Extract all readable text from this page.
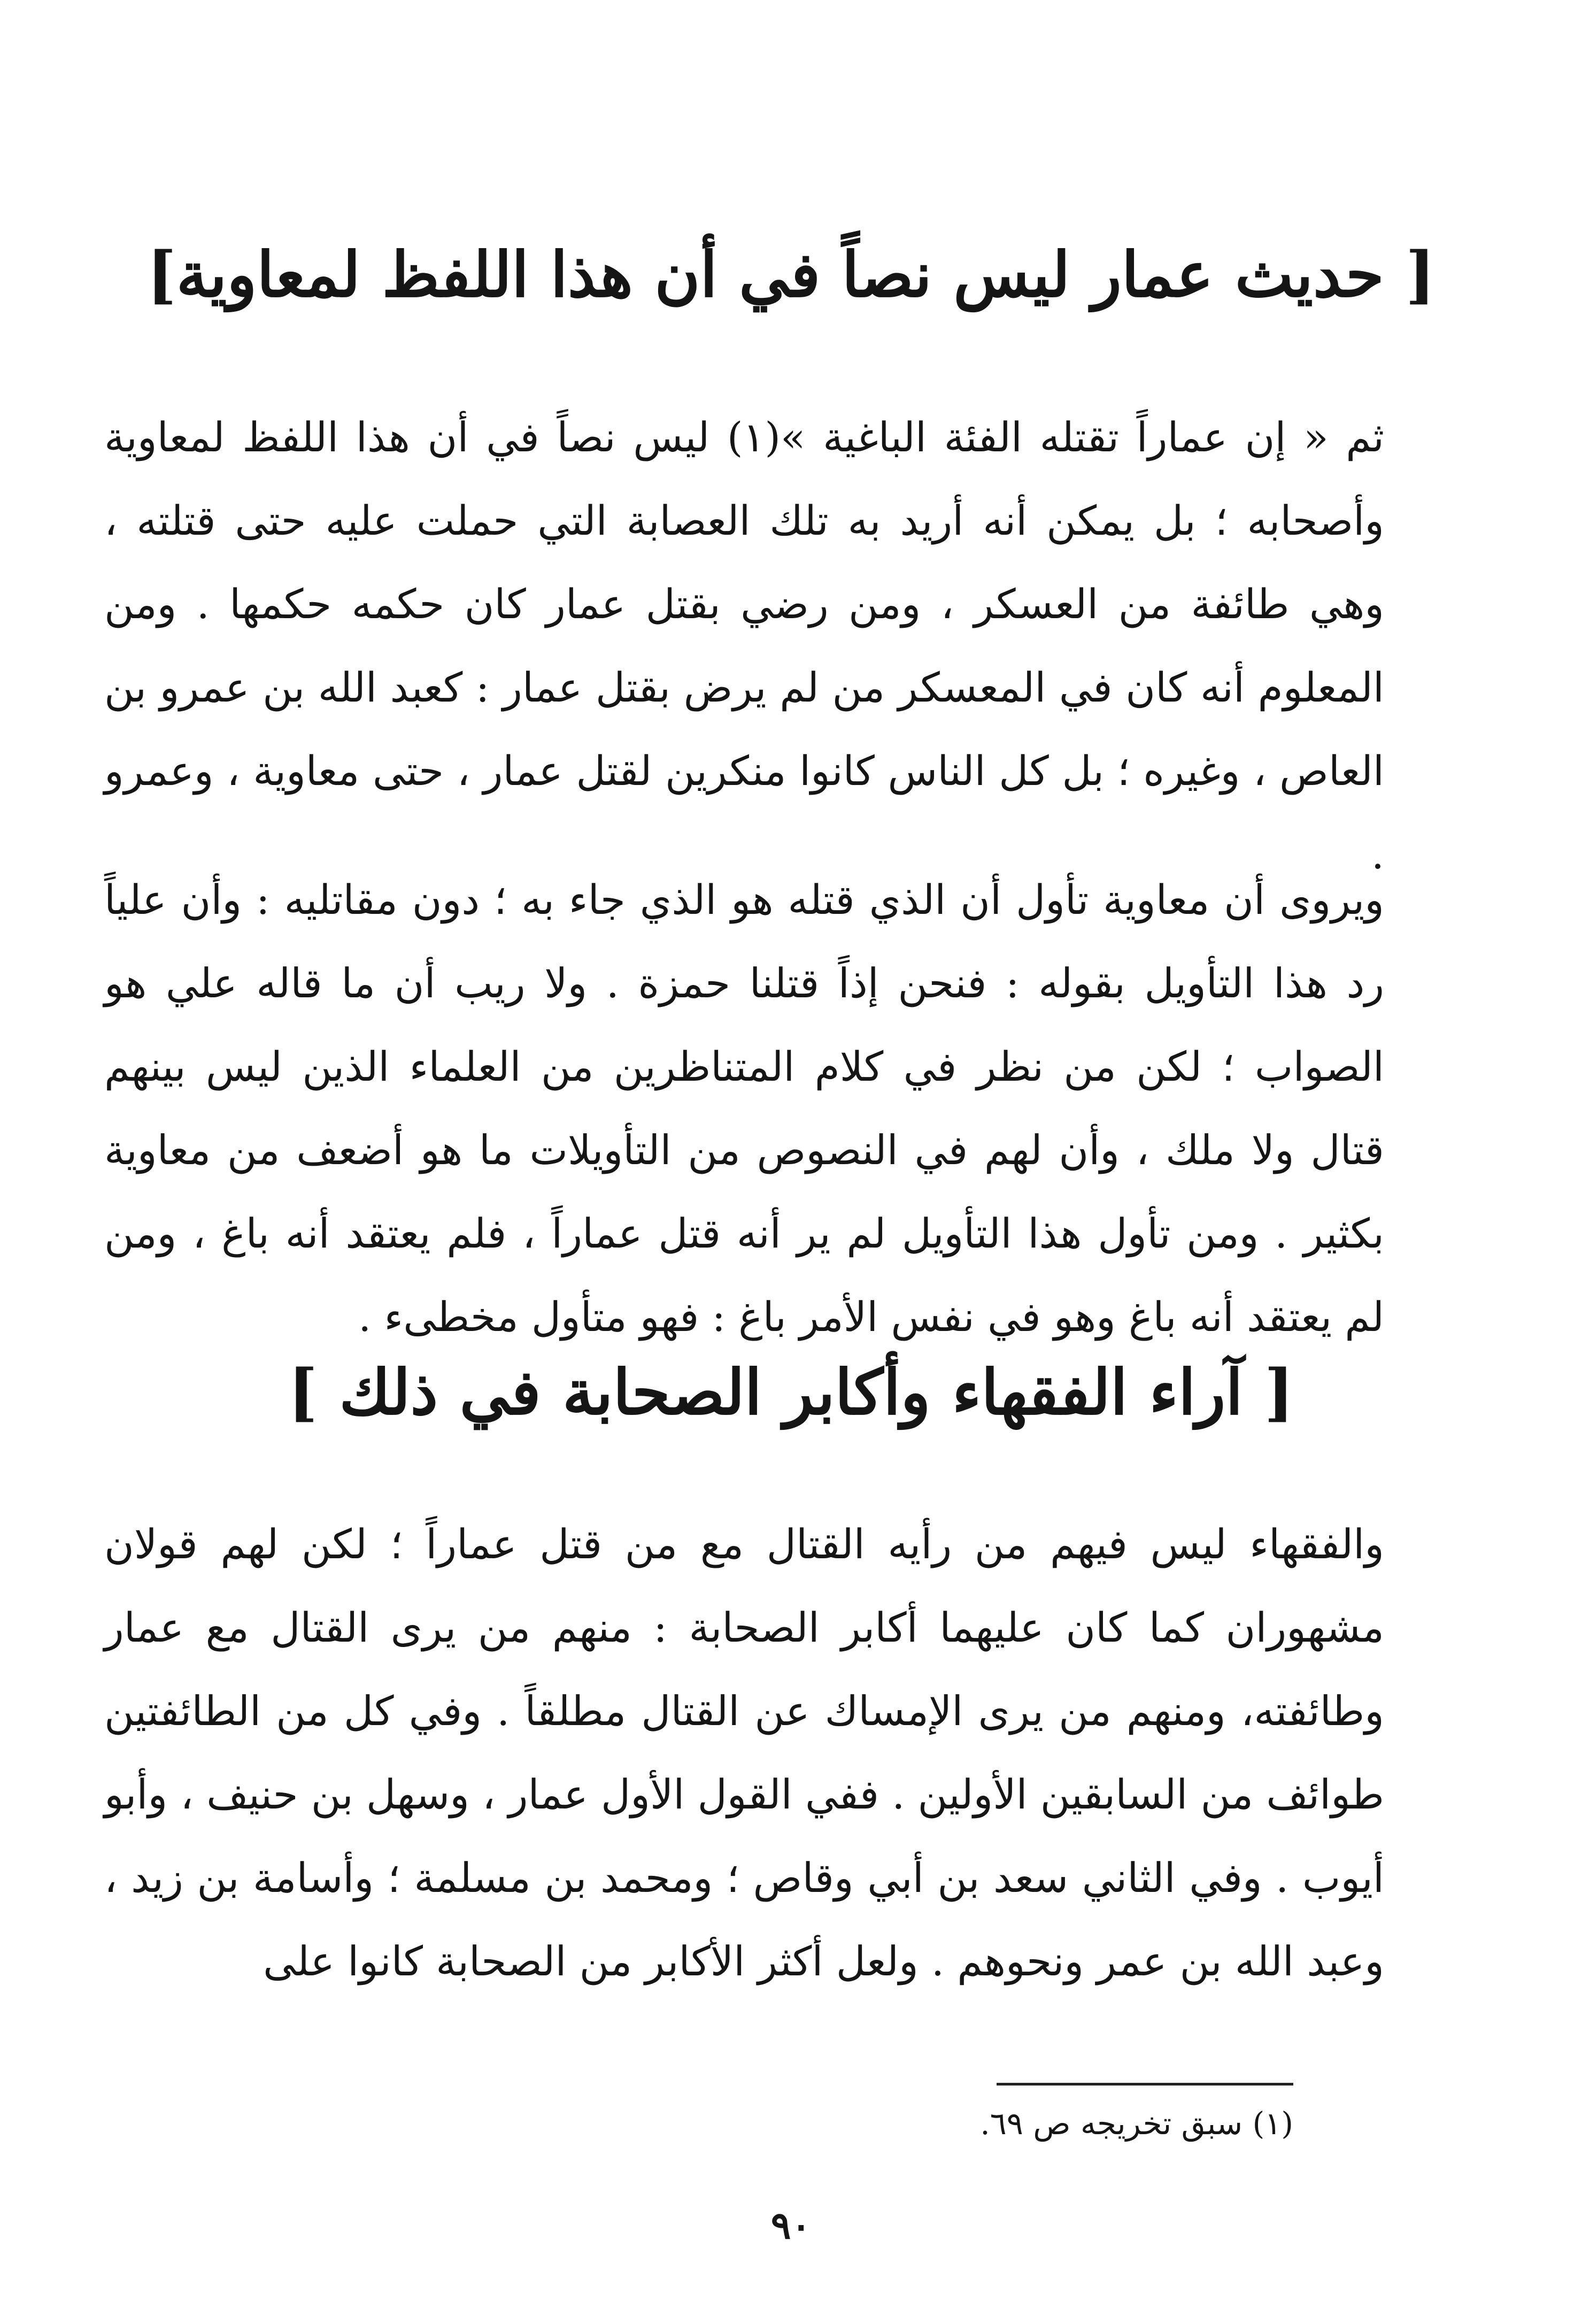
[ حديث عمار ليس نصاً في أن هذا اللفظ لمعاوية]

ثم « إن عماراً تقتله الفئة الباغية »(١) ليس نصاً في أن هذا اللفظ لمعاوية وأصحابه ؛ بل يمكن أنه أريد به تلك العصابة التي حملت عليه حتى قتلته ، وهي طائفة من العسكر ، ومن رضي بقتل عمار كان حكمه حكمها . ومن المعلوم أنه كان في المعسكر من لم يرض بقتل عمار : كعبد الله بن عمرو بن العاص ، وغيره ؛ بل كل الناس كانوا منكرين لقتل عمار ، حتى معاوية ، وعمرو .

ويروى أن معاوية تأول أن الذي قتله هو الذي جاء به ؛ دون مقاتليه : وأن علياً رد هذا التأويل بقوله : فنحن إذاً قتلنا حمزة . ولا ريب أن ما قاله علي هو الصواب ؛ لكن من نظر في كلام المتناظرين من العلماء الذين ليس بينهم قتال ولا ملك ، وأن لهم في النصوص من التأويلات ما هو أضعف من معاوية بكثير . ومن تأول هذا التأويل لم ير أنه قتل عماراً ، فلم يعتقد أنه باغ ، ومن لم يعتقد أنه باغ وهو في نفس الأمر باغ : فهو متأول مخطىء .

[ آراء الفقهاء وأكابر الصحابة في ذلك ]

والفقهاء ليس فيهم من رأيه القتال مع من قتل عماراً ؛ لكن لهم قولان مشهوران كما كان عليهما أكابر الصحابة : منهم من يرى القتال مع عمار وطائفته، ومنهم من يرى الإمساك عن القتال مطلقاً . وفي كل من الطائفتين طوائف من السابقين الأولين . ففي القول الأول عمار ، وسهل بن حنيف ، وأبو أيوب . وفي الثاني سعد بن أبي وقاص ؛ ومحمد بن مسلمة ؛ وأسامة بن زيد ، وعبد الله بن عمر ونحوهم . ولعل أكثر الأكابر من الصحابة كانوا على

(١) سبق تخريجه ص ٦٩.

٩٠
